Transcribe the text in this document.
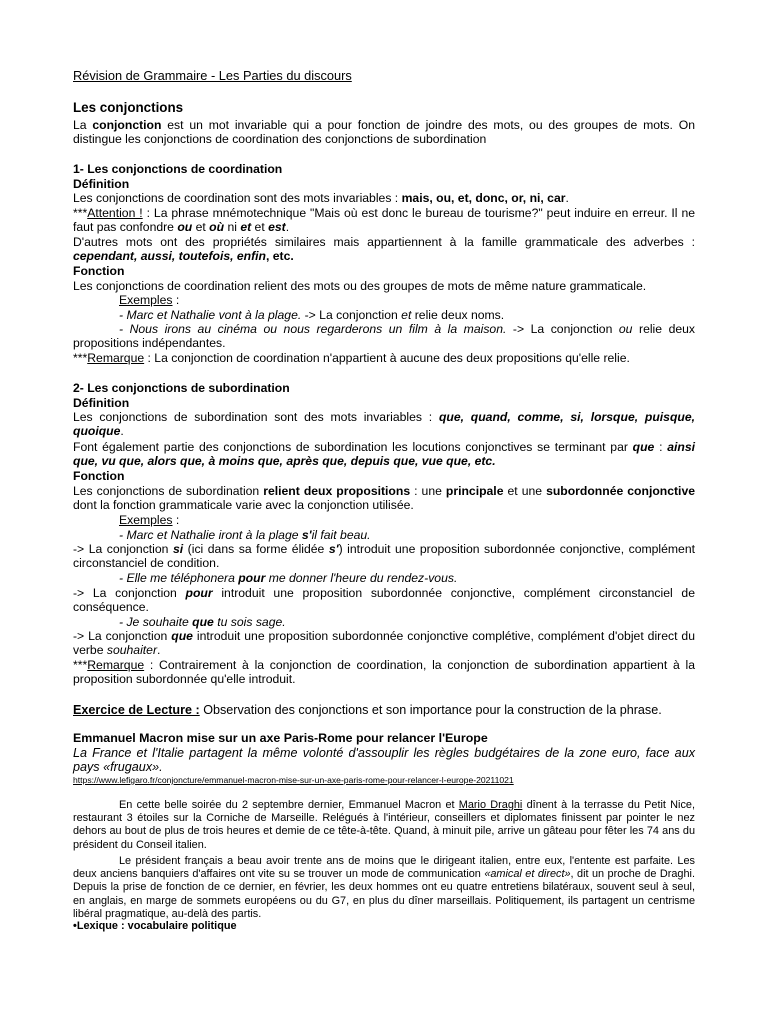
Révision de Grammaire - Les Parties du discours

Les conjonctions

La conjonction est un mot invariable qui a pour fonction de joindre des mots, ou des groupes de mots. On distingue les conjonctions de coordination des conjonctions de subordination

1- Les conjonctions de coordination

Définition

Les conjonctions de coordination sont des mots invariables : mais, ou, et, donc, or, ni, car.

***Attention ! : La phrase mnémotechnique "Mais où est donc le bureau de tourisme?" peut induire en erreur. Il ne faut pas confondre ou et où ni et et est.

D'autres mots ont des propriétés similaires mais appartiennent à la famille grammaticale des adverbes : cependant, aussi, toutefois, enfin, etc.

Fonction

Les conjonctions de coordination relient des mots ou des groupes de mots de même nature grammaticale.

Exemples :

- Marc et Nathalie vont à la plage. -> La conjonction et relie deux noms.

- Nous irons au cinéma ou nous regarderons un film à la maison. -> La conjonction ou relie deux propositions indépendantes.

***Remarque : La conjonction de coordination n'appartient à aucune des deux propositions qu'elle relie.

2- Les conjonctions de subordination

Définition

Les conjonctions de subordination sont des mots invariables : que, quand, comme, si, lorsque, puisque, quoique.

Font également partie des conjonctions de subordination les locutions conjonctives se terminant par que : ainsi que, vu que, alors que, à moins que, après que, depuis que, vue que, etc.

Fonction

Les conjonctions de subordination relient deux propositions : une principale et une subordonnée conjonctive dont la fonction grammaticale varie avec la conjonction utilisée.

Exemples :

- Marc et Nathalie iront à la plage s'il fait beau.

-> La conjonction si (ici dans sa forme élidée s') introduit une proposition subordonnée conjonctive, complément circonstanciel de condition.

- Elle me téléphonera pour me donner l'heure du rendez-vous.

-> La conjonction pour introduit une proposition subordonnée conjonctive, complément circonstanciel de conséquence.

- Je souhaite que tu sois sage.

-> La conjonction que introduit une proposition subordonnée conjonctive complétive, complément d'objet direct du verbe souhaiter.

***Remarque : Contrairement à la conjonction de coordination, la conjonction de subordination appartient à la proposition subordonnée qu'elle introduit.

Exercice de Lecture : Observation des conjonctions et son importance pour la construction de la phrase.

Emmanuel Macron mise sur un axe Paris-Rome pour relancer l'Europe

La France et l'Italie partagent la même volonté d'assouplir les règles budgétaires de la zone euro, face aux pays «frugaux».

https://www.lefigaro.fr/conjoncture/emmanuel-macron-mise-sur-un-axe-paris-rome-pour-relancer-l-europe-20211021

En cette belle soirée du 2 septembre dernier, Emmanuel Macron et Mario Draghi dînent à la terrasse du Petit Nice, restaurant 3 étoiles sur la Corniche de Marseille. Relégués à l'intérieur, conseillers et diplomates finissent par pointer le nez dehors au bout de plus de trois heures et demie de ce tête-à-tête. Quand, à minuit pile, arrive un gâteau pour fêter les 74 ans du président du Conseil italien.

Le président français a beau avoir trente ans de moins que le dirigeant italien, entre eux, l'entente est parfaite. Les deux anciens banquiers d'affaires ont vite su se trouver un mode de communication «amical et direct», dit un proche de Draghi. Depuis la prise de fonction de ce dernier, en février, les deux hommes ont eu quatre entretiens bilatéraux, souvent seul à seul, en anglais, en marge de sommets européens ou du G7, en plus du dîner marseillais. Politiquement, ils partagent un centrisme libéral pragmatique, au-delà des partis.

•Lexique : vocabulaire politique
